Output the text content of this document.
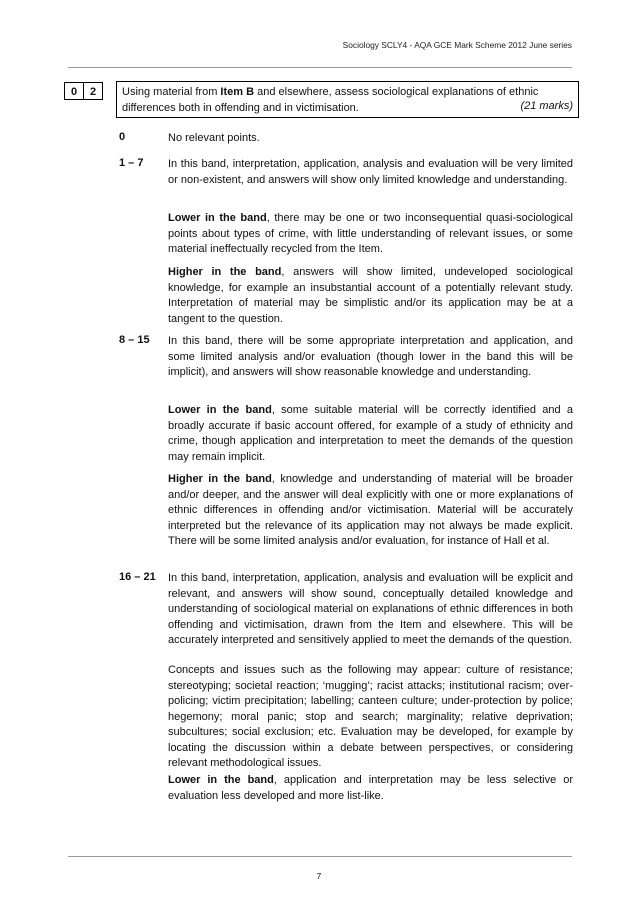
Sociology SCLY4 - AQA GCE Mark Scheme 2012 June series
0	2	Using material from Item B and elsewhere, assess sociological explanations of ethnic differences both in offending and in victimisation.	(21 marks)
0	No relevant points.
1 – 7 In this band, interpretation, application, analysis and evaluation will be very limited or non-existent, and answers will show only limited knowledge and understanding.
Lower in the band, there may be one or two inconsequential quasi-sociological points about types of crime, with little understanding of relevant issues, or some material ineffectually recycled from the Item.
Higher in the band, answers will show limited, undeveloped sociological knowledge, for example an insubstantial account of a potentially relevant study. Interpretation of material may be simplistic and/or its application may be at a tangent to the question.
8 – 15 In this band, there will be some appropriate interpretation and application, and some limited analysis and/or evaluation (though lower in the band this will be implicit), and answers will show reasonable knowledge and understanding.
Lower in the band, some suitable material will be correctly identified and a broadly accurate if basic account offered, for example of a study of ethnicity and crime, though application and interpretation to meet the demands of the question may remain implicit.
Higher in the band, knowledge and understanding of material will be broader and/or deeper, and the answer will deal explicitly with one or more explanations of ethnic differences in offending and/or victimisation. Material will be accurately interpreted but the relevance of its application may not always be made explicit. There will be some limited analysis and/or evaluation, for instance of Hall et al.
16 – 21 In this band, interpretation, application, analysis and evaluation will be explicit and relevant, and answers will show sound, conceptually detailed knowledge and understanding of sociological material on explanations of ethnic differences in both offending and victimisation, drawn from the Item and elsewhere. This will be accurately interpreted and sensitively applied to meet the demands of the question.
Concepts and issues such as the following may appear: culture of resistance; stereotyping; societal reaction; ‘mugging’; racist attacks; institutional racism; over-policing; victim precipitation; labelling; canteen culture; under-protection by police; hegemony; moral panic; stop and search; marginality; relative deprivation; subcultures; social exclusion; etc. Evaluation may be developed, for example by locating the discussion within a debate between perspectives, or considering relevant methodological issues.
Lower in the band, application and interpretation may be less selective or evaluation less developed and more list-like.
7
